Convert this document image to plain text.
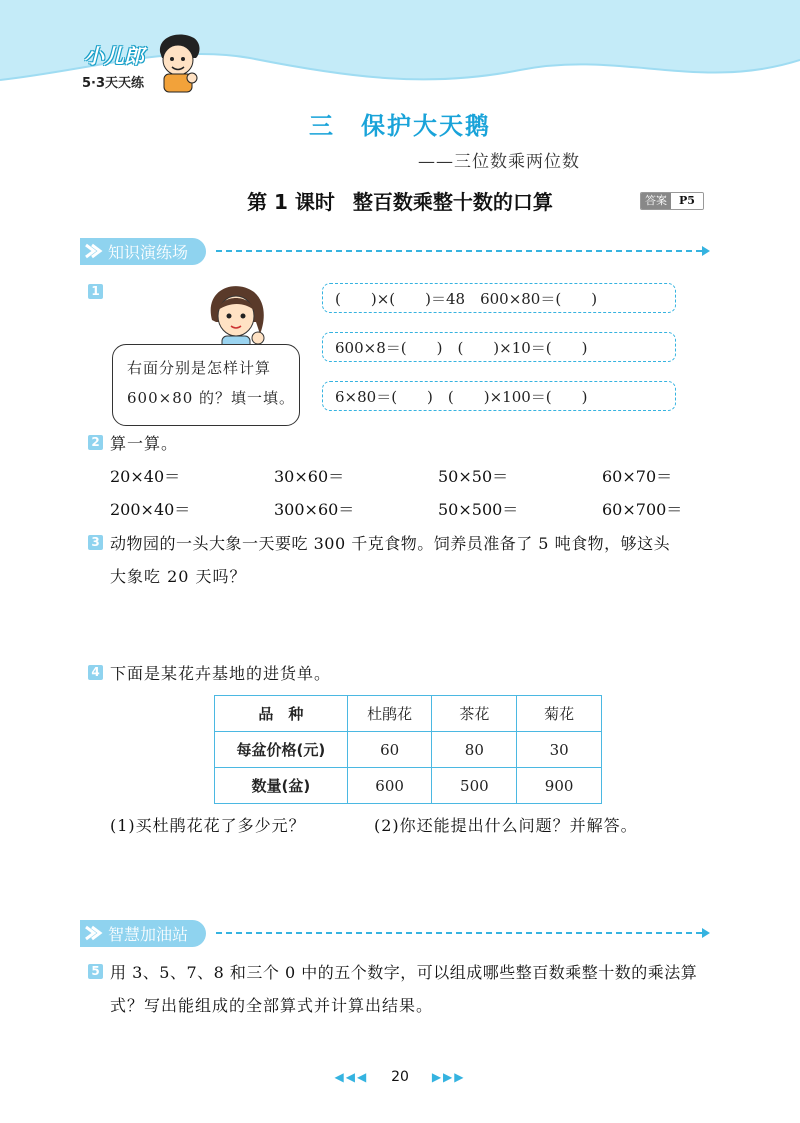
小儿郎
5·3天天练
三 保护大天鹅
——三位数乘两位数
第 1 课时 整百数乘整十数的口算	答案	P5
知识演练场
1
右面分别是怎样计算
600×80 的？填一填。
(　　)×(　　)＝48　600×80＝(　　)
600×8＝(　　)　(　　)×10＝(　　)
6×80＝(　　)　(　　)×100＝(　　)
2 算一算。
20×40＝	30×60＝	50×50＝	60×70＝
200×40＝	300×60＝	50×500＝	60×700＝
3 动物园的一头大象一天要吃 300 千克食物。饲养员准备了 5 吨食物，够这头
大象吃 20 天吗？
4 下面是某花卉基地的进货单。
品　种	杜鹃花	茶花	菊花
每盆价格(元)	60	80	30
数量(盆)	600	500	900
(1)买杜鹃花花了多少元？	(2)你还能提出什么问题？并解答。
智慧加油站
5 用 3、5、7、8 和三个 0 中的五个数字，可以组成哪些整百数乘整十数的乘法算
式？写出能组成的全部算式并计算出结果。
◀◀◀ 20 ▶▶▶
